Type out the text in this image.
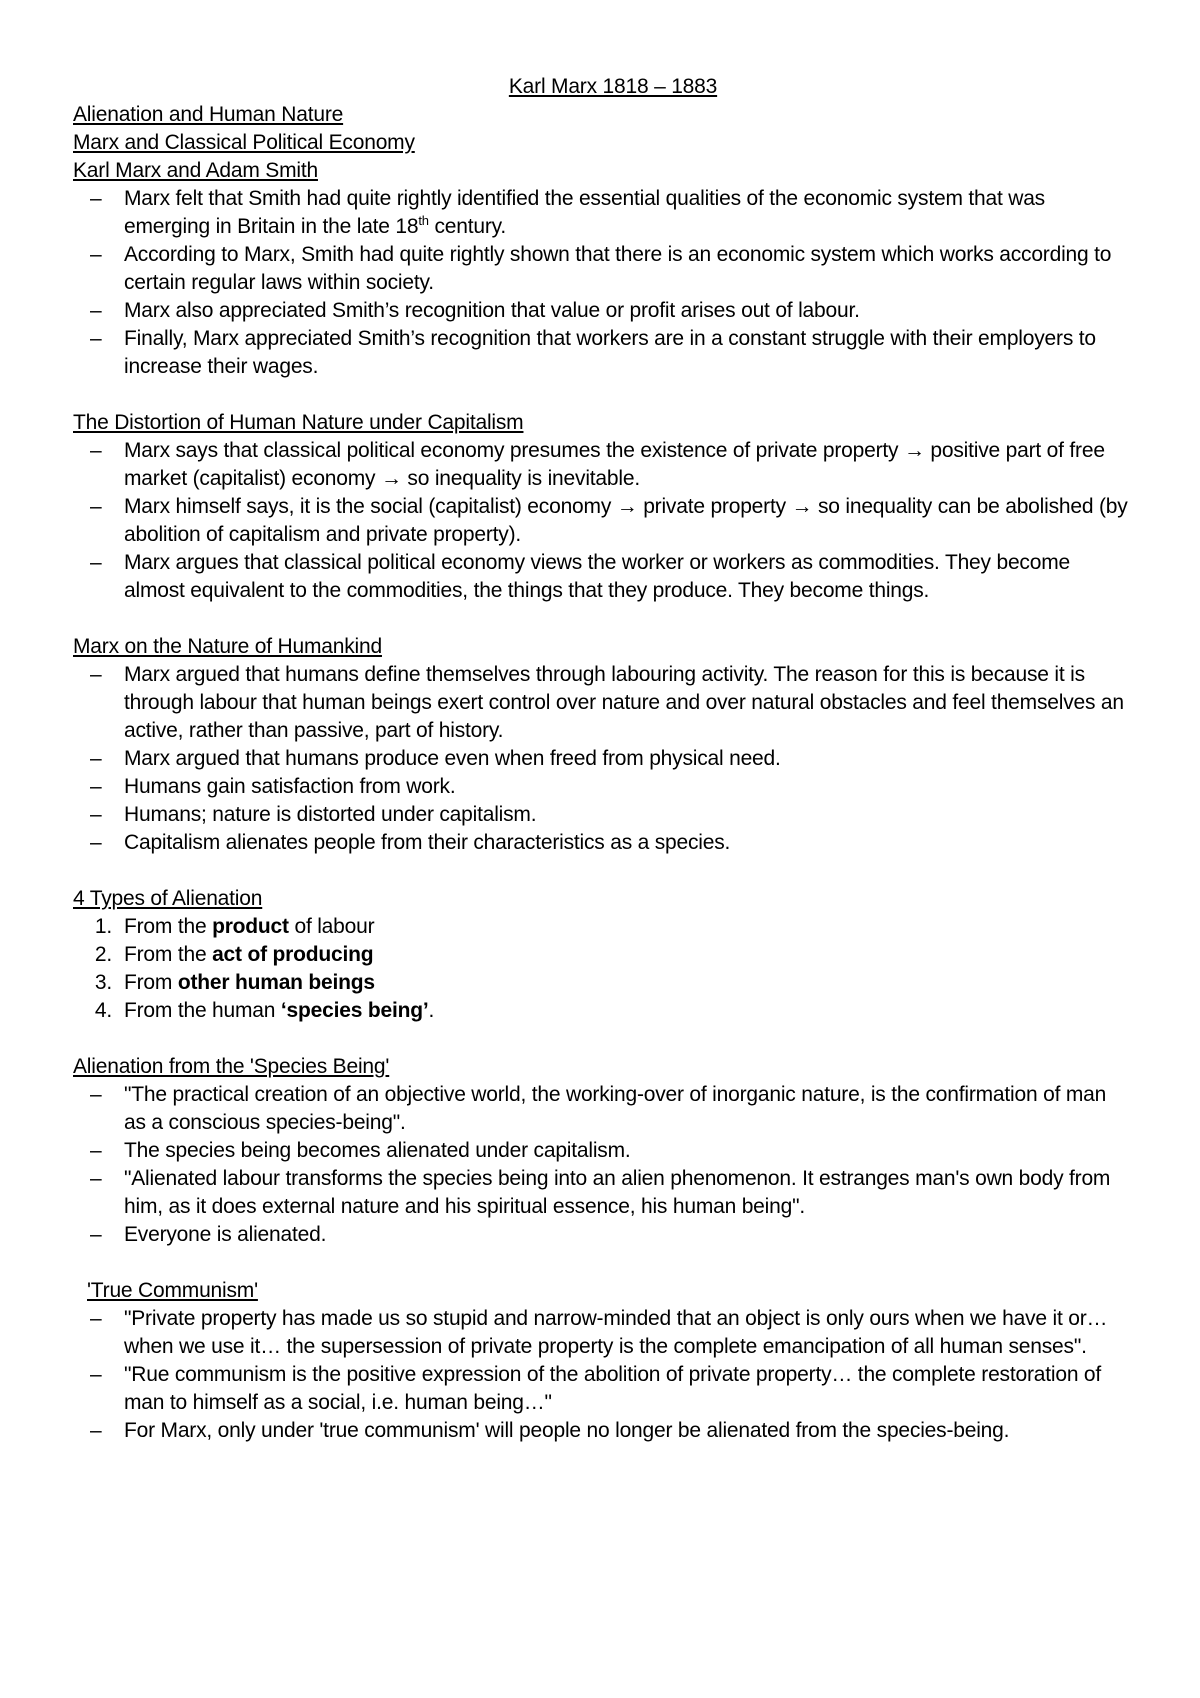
Karl Marx 1818 – 1883

Alienation and Human Nature

Marx and Classical Political Economy

Karl Marx and Adam Smith

– Marx felt that Smith had quite rightly identified the essential qualities of the economic system that was emerging in Britain in the late 18th century.
– According to Marx, Smith had quite rightly shown that there is an economic system which works according to certain regular laws within society.
– Marx also appreciated Smith’s recognition that value or profit arises out of labour.
– Finally, Marx appreciated Smith’s recognition that workers are in a constant struggle with their employers to increase their wages.

The Distortion of Human Nature under Capitalism

– Marx says that classical political economy presumes the existence of private property → positive part of free market (capitalist) economy → so inequality is inevitable.
– Marx himself says, it is the social (capitalist) economy → private property → so inequality can be abolished (by abolition of capitalism and private property).
– Marx argues that classical political economy views the worker or workers as commodities. They become almost equivalent to the commodities, the things that they produce. They become things.

Marx on the Nature of Humankind

– Marx argued that humans define themselves through labouring activity. The reason for this is because it is through labour that human beings exert control over nature and over natural obstacles and feel themselves an active, rather than passive, part of history.
– Marx argued that humans produce even when freed from physical need.
– Humans gain satisfaction from work.
– Humans; nature is distorted under capitalism.
– Capitalism alienates people from their characteristics as a species.

4 Types of Alienation

1. From the product of labour
2. From the act of producing
3. From other human beings
4. From the human ‘species being’.

Alienation from the 'Species Being'

– "The practical creation of an objective world, the working-over of inorganic nature, is the confirmation of man as a conscious species-being".
– The species being becomes alienated under capitalism.
– "Alienated labour transforms the species being into an alien phenomenon. It estranges man's own body from him, as it does external nature and his spiritual essence, his human being".
– Everyone is alienated.

'True Communism'

– "Private property has made us so stupid and narrow-minded that an object is only ours when we have it or… when we use it… the supersession of private property is the complete emancipation of all human senses".
– "Rue communism is the positive expression of the abolition of private property… the complete restoration of man to himself as a social, i.e. human being…"
– For Marx, only under 'true communism' will people no longer be alienated from the species-being.
